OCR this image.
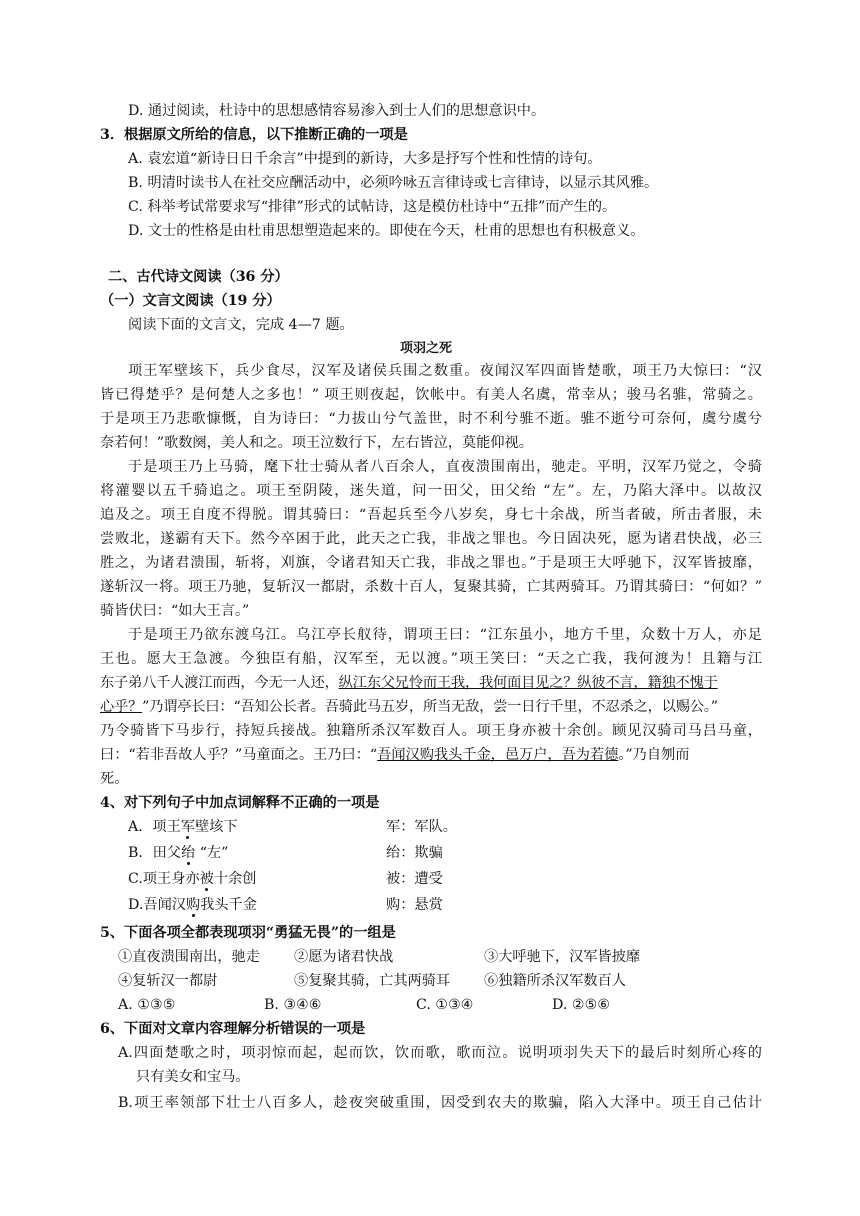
D. 通过阅读，杜诗中的思想感情容易渗入到士人们的思想意识中。
3．根据原文所给的信息，以下推断正确的一项是
A. 袁宏道“新诗日日千余言”中提到的新诗，大多是抒写个性和性情的诗句。
B. 明清时读书人在社交应酬活动中，必须吟咏五言律诗或七言律诗，以显示其风雅。
C. 科举考试常要求写“排律”形式的试帖诗，这是模仿杜诗中“五排”而产生的。
D. 文士的性格是由杜甫思想塑造起来的。即使在今天，杜甫的思想也有积极意义。
二、古代诗文阅读（36 分）
（一）文言文阅读（19 分）
阅读下面的文言文，完成 4—7 题。
项羽之死
项王军壁垓下，兵少食尽，汉军及诸侯兵围之数重。夜闻汉军四面皆楚歌，项王乃大惊曰：“汉
皆已得楚乎？是何楚人之多也！” 项王则夜起，饮帐中。有美人名虞，常幸从；骏马名骓，常骑之。
于是项王乃悲歌慷慨，自为诗曰：“力拔山兮气盖世，时不利兮骓不逝。骓不逝兮可奈何，虞兮虞兮
奈若何！”歌数阕，美人和之。项王泣数行下，左右皆泣，莫能仰视。
于是项王乃上马骑，麾下壮士骑从者八百余人，直夜溃围南出，驰走。平明，汉军乃觉之，令骑
将灌婴以五千骑追之。项王至阴陵，迷失道，问一田父，田父绐 “左”。左，乃陷大泽中。以故汉
追及之。项王自度不得脱。谓其骑曰：“吾起兵至今八岁矣，身七十余战，所当者破，所击者服，未
尝败北，遂霸有天下。然今卒困于此，此天之亡我，非战之罪也。今日固决死，愿为诸君快战，必三
胜之，为诸君溃围，斩将，刈旗，令诸君知天亡我，非战之罪也。”于是项王大呼驰下，汉军皆披靡，
遂斩汉一将。项王乃驰，复斩汉一都尉，杀数十百人，复聚其骑，亡其两骑耳。乃谓其骑曰：“何如？”
骑皆伏曰：“如大王言。”
于是项王乃欲东渡乌江。乌江亭长舣待，谓项王曰：“江东虽小，地方千里，众数十万人，亦足
王也。愿大王急渡。今独臣有船，汉军至，无以渡。”项王笑曰：“天之亡我，我何渡为！且籍与江
东子弟八千人渡江而西，今无一人还，纵江东父兄怜而王我，我何面目见之？纵彼不言，籍独不愧于
心乎？”乃谓亭长曰：“吾知公长者。吾骑此马五岁，所当无敌，尝一日行千里，不忍杀之，以赐公。”
乃令骑皆下马步行，持短兵接战。独籍所杀汉军数百人。项王身亦被十余创。顾见汉骑司马吕马童，
曰：“若非吾故人乎？”马童面之。王乃曰：“吾闻汉购我头千金，邑万户，吾为若德。”乃自刎而
死。
4、对下列句子中加点词解释不正确的一项是
A．项王军壁垓下	军：军队。
B．田父绐 “左”	绐：欺骗
C.项王身亦被十余创	被：遭受
D.吾闻汉购我头千金	购：悬赏
5、下面各项全都表现项羽“勇猛无畏”的一组是
①直夜溃围南出，驰走 ②愿为诸君快战	③大呼驰下，汉军皆披靡
④复斩汉一都尉	⑤复聚其骑，亡其两骑耳 ⑥独籍所杀汉军数百人
A. ①③⑤	B. ③④⑥	C. ①③④	D. ②⑤⑥
6、下面对文章内容理解分析错误的一项是
A.四面楚歌之时，项羽惊而起，起而饮，饮而歌，歌而泣。说明项羽失天下的最后时刻所心疼的
只有美女和宝马。
B.项王率领部下壮士八百多人，趁夜突破重围，因受到农夫的欺骗，陷入大泽中。项王自己估计
